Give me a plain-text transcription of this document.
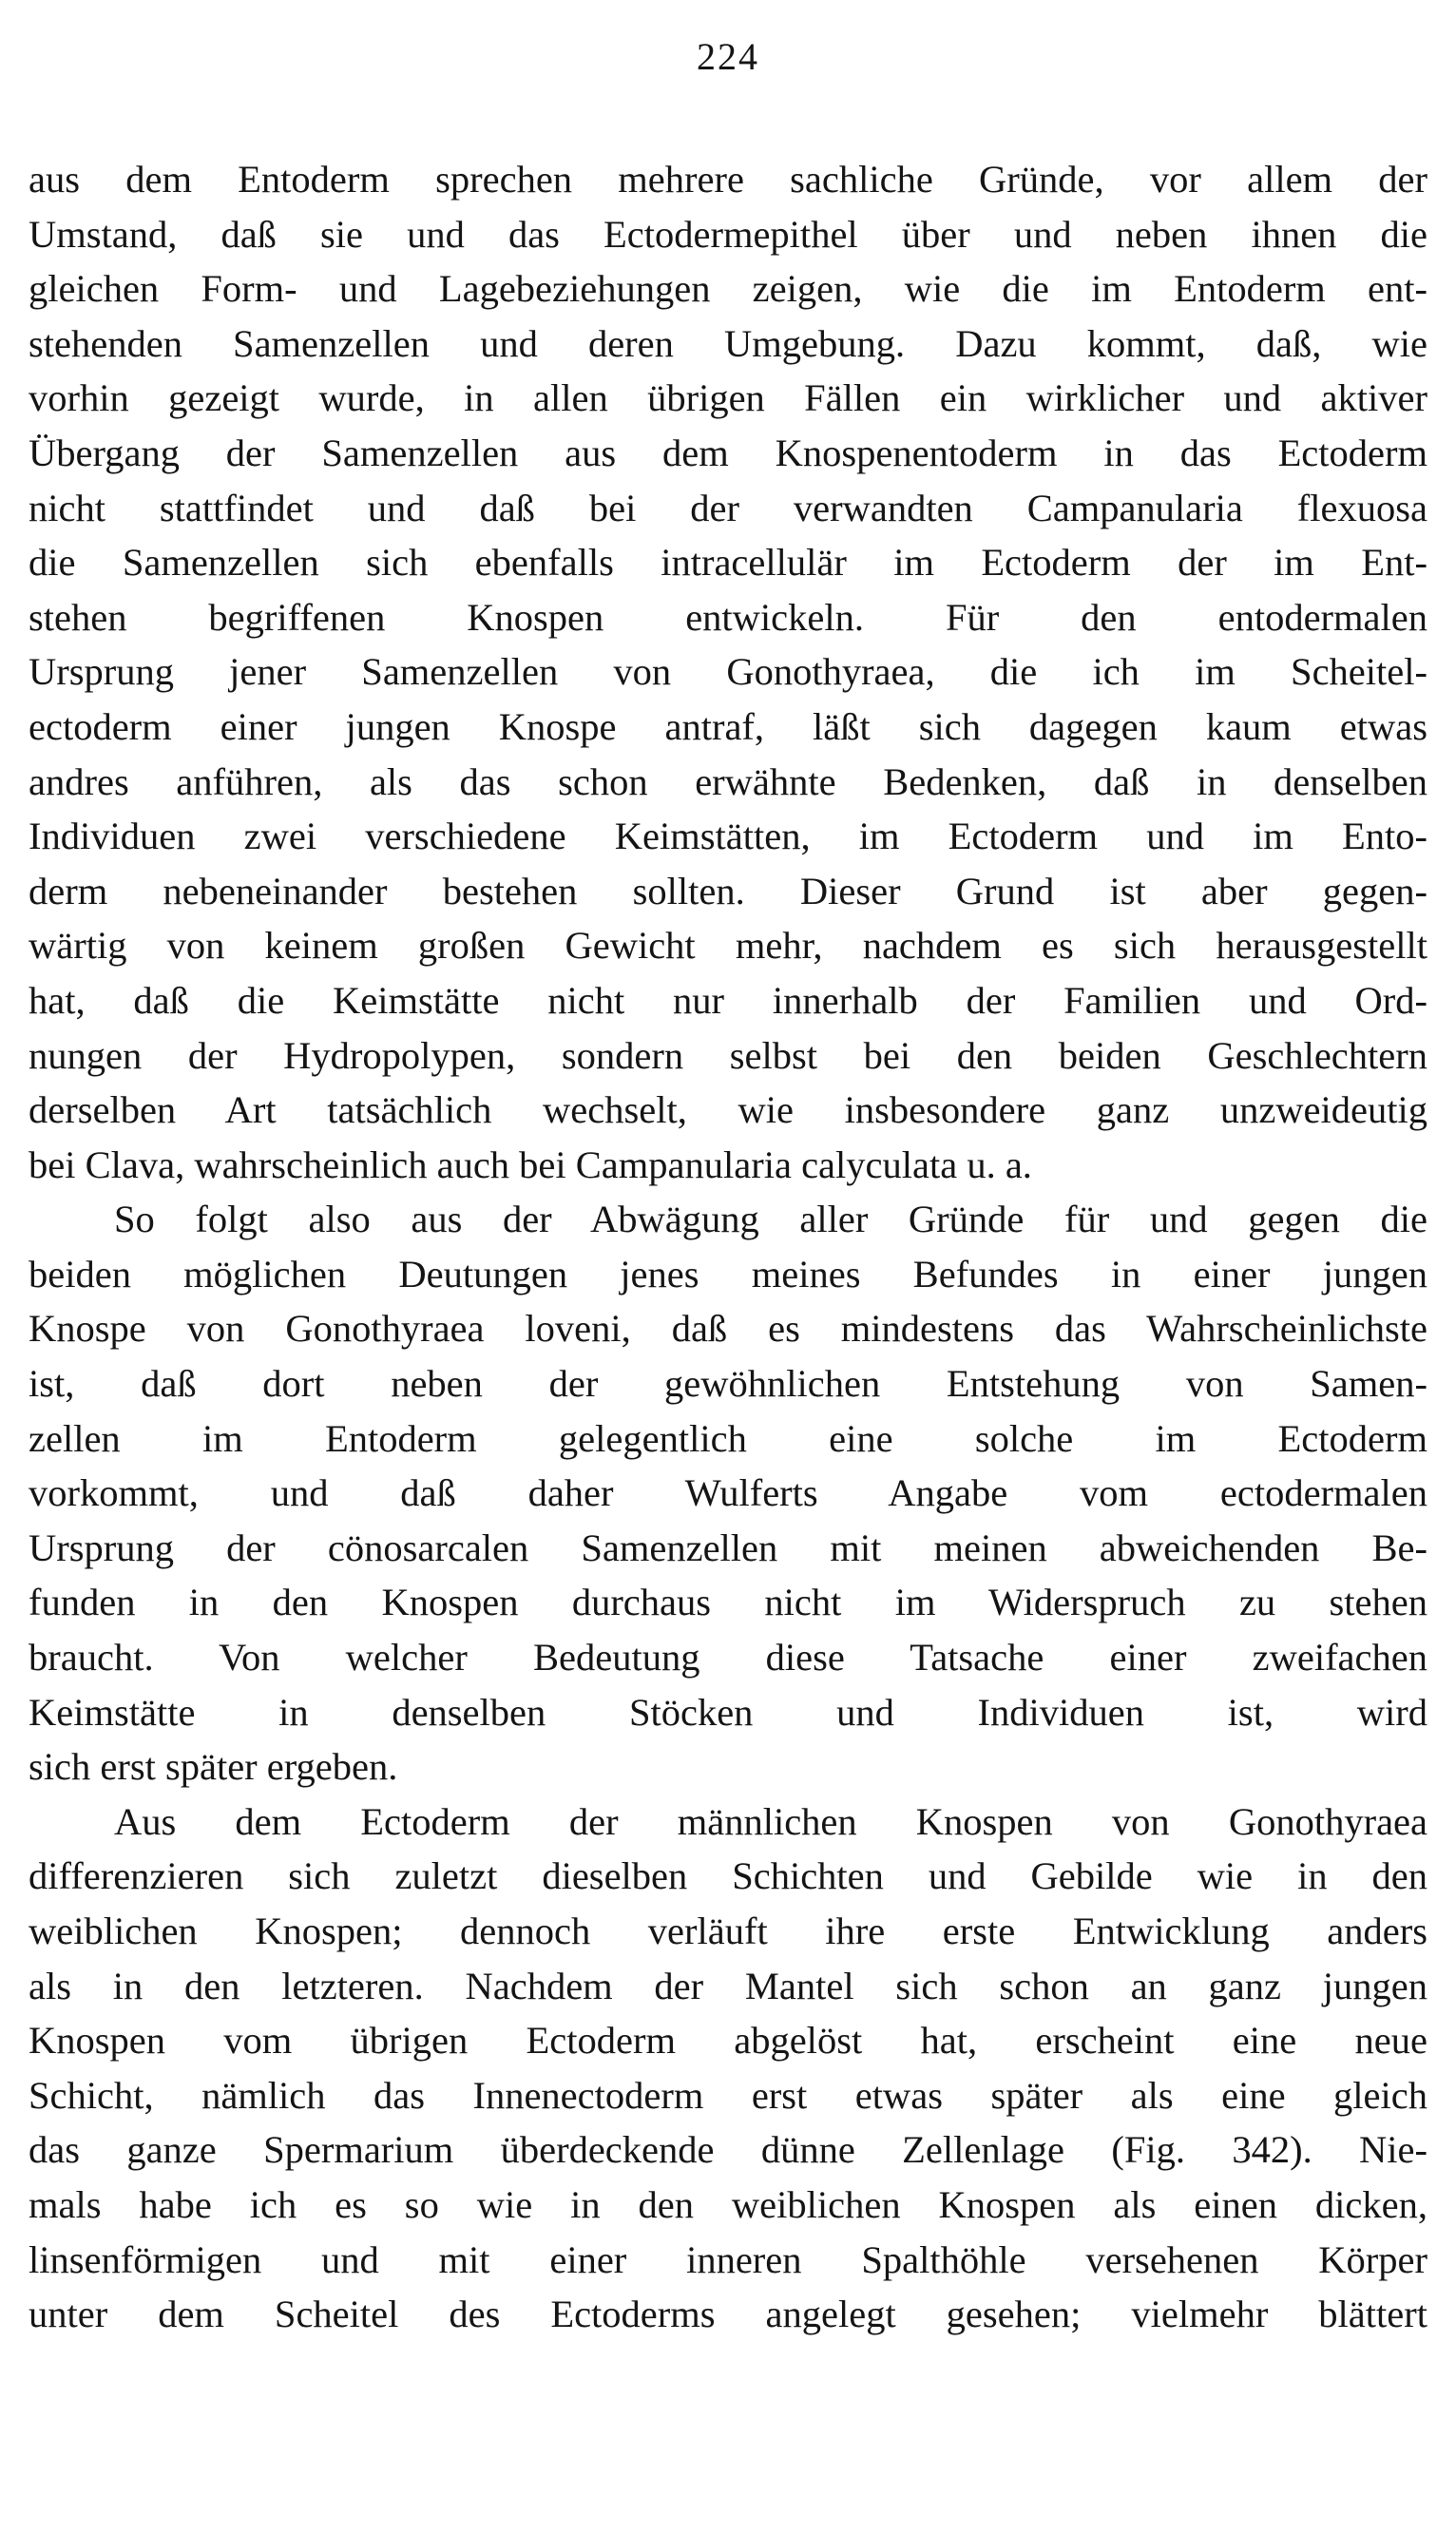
224

aus dem Entoderm sprechen mehrere sachliche Gründe, vor allem der
Umstand, daß sie und das Ectodermepithel über und neben ihnen die
gleichen Form- und Lagebeziehungen zeigen, wie die im Entoderm ent-
stehenden Samenzellen und deren Umgebung. Dazu kommt, daß, wie
vorhin gezeigt wurde, in allen übrigen Fällen ein wirklicher und aktiver
Übergang der Samenzellen aus dem Knospenentoderm in das Ectoderm
nicht stattfindet und daß bei der verwandten Campanularia flexuosa
die Samenzellen sich ebenfalls intracellulär im Ectoderm der im Ent-
stehen begriffenen Knospen entwickeln. Für den entodermalen
Ursprung jener Samenzellen von Gonothyraea, die ich im Scheitel-
ectoderm einer jungen Knospe antraf, läßt sich dagegen kaum etwas
andres anführen, als das schon erwähnte Bedenken, daß in denselben
Individuen zwei verschiedene Keimstätten, im Ectoderm und im Ento-
derm nebeneinander bestehen sollten. Dieser Grund ist aber gegen-
wärtig von keinem großen Gewicht mehr, nachdem es sich herausgestellt
hat, daß die Keimstätte nicht nur innerhalb der Familien und Ord-
nungen der Hydropolypen, sondern selbst bei den beiden Geschlechtern
derselben Art tatsächlich wechselt, wie insbesondere ganz unzweideutig
bei Clava, wahrscheinlich auch bei Campanularia calyculata u. a.

So folgt also aus der Abwägung aller Gründe für und gegen die
beiden möglichen Deutungen jenes meines Befundes in einer jungen
Knospe von Gonothyraea loveni, daß es mindestens das Wahrscheinlichste
ist, daß dort neben der gewöhnlichen Entstehung von Samen-
zellen im Entoderm gelegentlich eine solche im Ectoderm
vorkommt, und daß daher Wulferts Angabe vom ectodermalen
Ursprung der cönosarcalen Samenzellen mit meinen abweichenden Be-
funden in den Knospen durchaus nicht im Widerspruch zu stehen
braucht. Von welcher Bedeutung diese Tatsache einer zweifachen
Keimstätte in denselben Stöcken und Individuen ist, wird
sich erst später ergeben.

Aus dem Ectoderm der männlichen Knospen von Gonothyraea
differenzieren sich zuletzt dieselben Schichten und Gebilde wie in den
weiblichen Knospen; dennoch verläuft ihre erste Entwicklung anders
als in den letzteren. Nachdem der Mantel sich schon an ganz jungen
Knospen vom übrigen Ectoderm abgelöst hat, erscheint eine neue
Schicht, nämlich das Innenectoderm erst etwas später als eine gleich
das ganze Spermarium überdeckende dünne Zellenlage (Fig. 342). Nie-
mals habe ich es so wie in den weiblichen Knospen als einen dicken,
linsenförmigen und mit einer inneren Spalthöhle versehenen Körper
unter dem Scheitel des Ectoderms angelegt gesehen; vielmehr blättert
